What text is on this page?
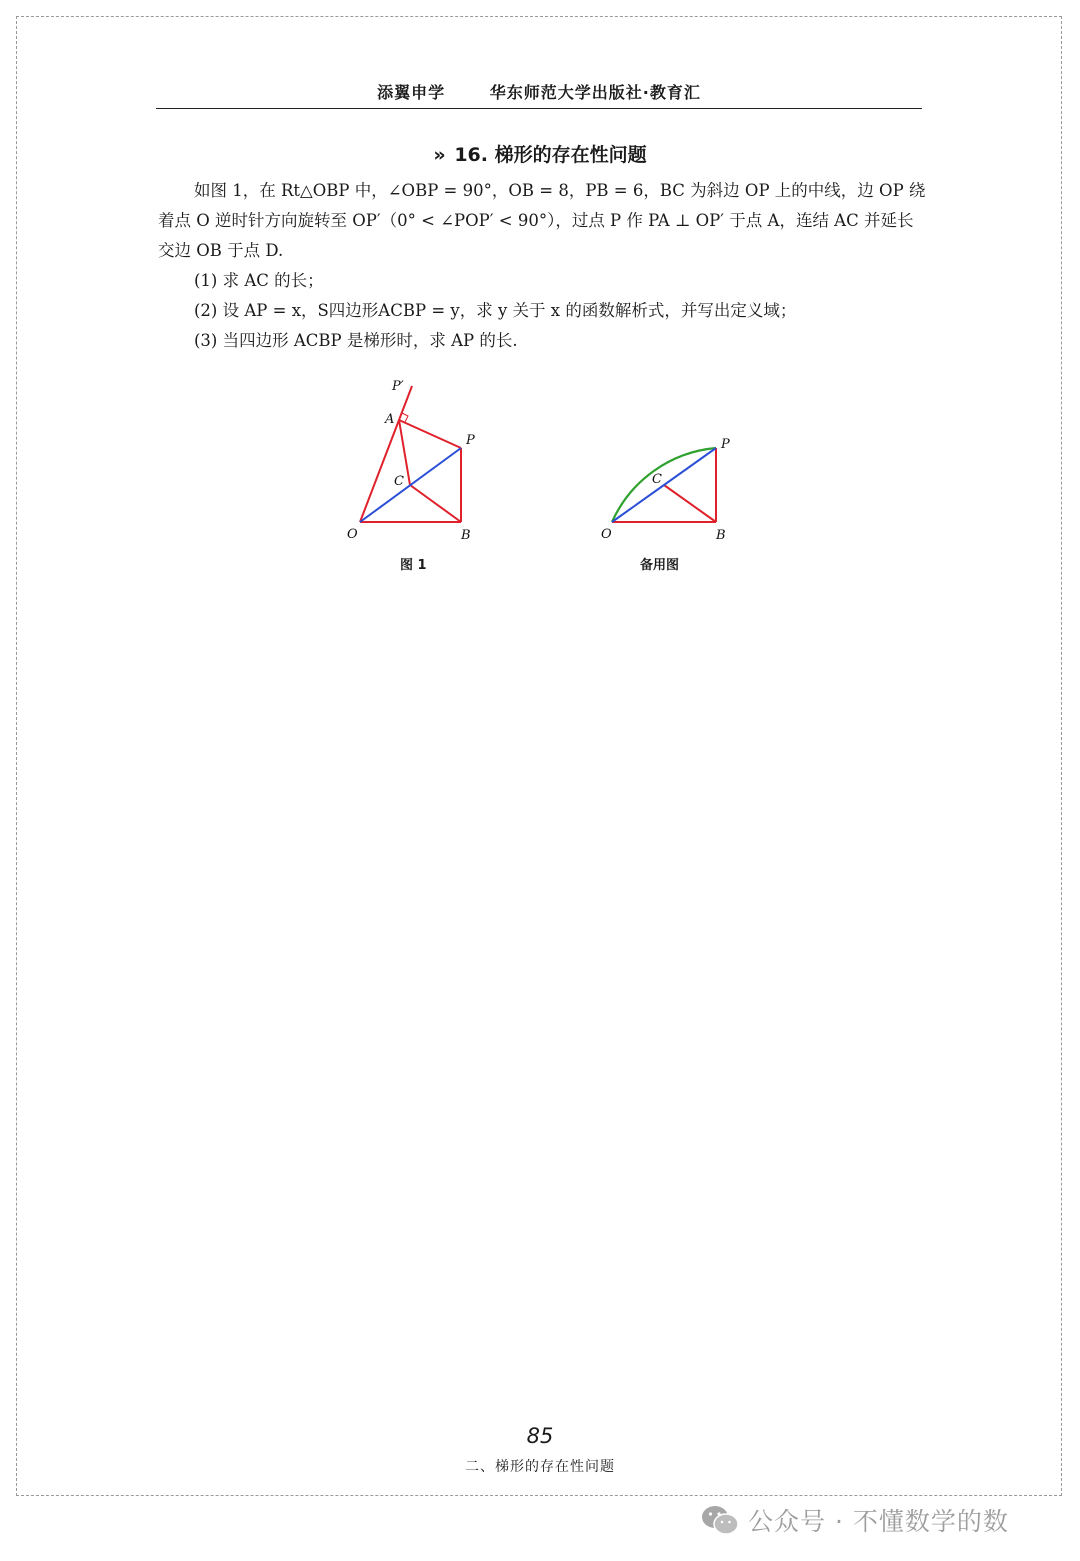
添翼申学	华东师范大学出版社·教育汇
» 16. 梯形的存在性问题

如图 1，在 Rt△OBP 中，∠OBP = 90°，OB = 8，PB = 6，BC 为斜边 OP 上的中线，边 OP 绕着点 O 逆时针方向旋转至 OP′（0° < ∠POP′ < 90°），过点 P 作 PA ⊥ OP′ 于点 A，连结 AC 并延长交边 OB 于点 D.

(1) 求 AC 的长；

(2) 设 AP = x，S四边形ACBP = y，求 y 关于 x 的函数解析式，并写出定义域；

(3) 当四边形 ACBP 是梯形时，求 AP 的长.

P′
A
P
C
O	B
P
C
O	B
图 1	备用图
85
二、梯形的存在性问题
公众号 · 不懂数学的数
